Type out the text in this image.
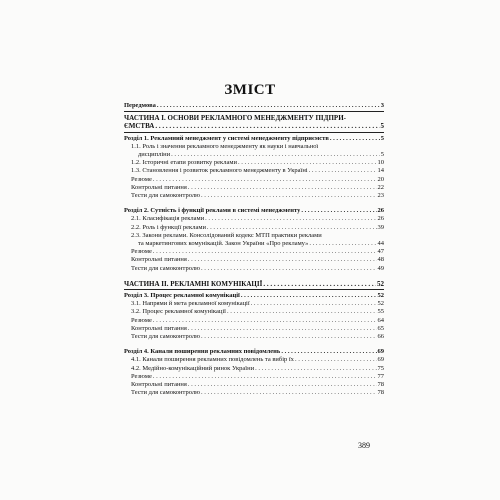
ЗМІСТ
Передмова . . .	3
ЧАСТИНА І. ОСНОВИ РЕКЛАМНОГО МЕНЕДЖМЕНТУ ПІДПРИ-
ЄМСТВА . . .	5
Розділ 1. Рекламний менеджмент у системі менеджменту підприємств . . .	5
1.1. Роль і значення рекламного менеджменту як науки і навчальної
дисципліни . . .	5
1.2. Історичні етапи розвитку реклами . . .	10
1.3. Становлення і розвиток рекламного менеджменту в Україні . . .	14
Резюме . . .	20
Контрольні питання . . .	22
Тести для самоконтролю . . .	23
Розділ 2. Сутність і функції реклами в системі менеджменту . . .	26
2.1. Класифікація реклами . . .	26
2.2. Роль і функції реклами . . .	39
2.3. Закони реклами. Консолідований кодекс МТП практики реклами
та маркетингових комунікацій. Закон України «Про рекламу» . . .	44
Резюме . . .	47
Контрольні питання . . .	48
Тести для самоконтролю . . .	49
ЧАСТИНА ІІ. РЕКЛАМНІ КОМУНІКАЦІЇ . . .	52
Розділ 3. Процес рекламної комунікації . . .	52
3.1. Напрями й мета рекламної комунікації . . .	52
3.2. Процес рекламної комунікації . . .	55
Резюме . . .	64
Контрольні питання . . .	65
Тести для самоконтролю . . .	66
Розділ 4. Канали поширення рекламних повідомлень . . .	69
4.1. Канали поширення рекламних повідомлень та вибір їх . . .	69
4.2. Медійно-комунікаційний ринок України . . .	75
Резюме . . .	77
Контрольні питання . . .	78
Тести для самоконтролю . . .	78
389
